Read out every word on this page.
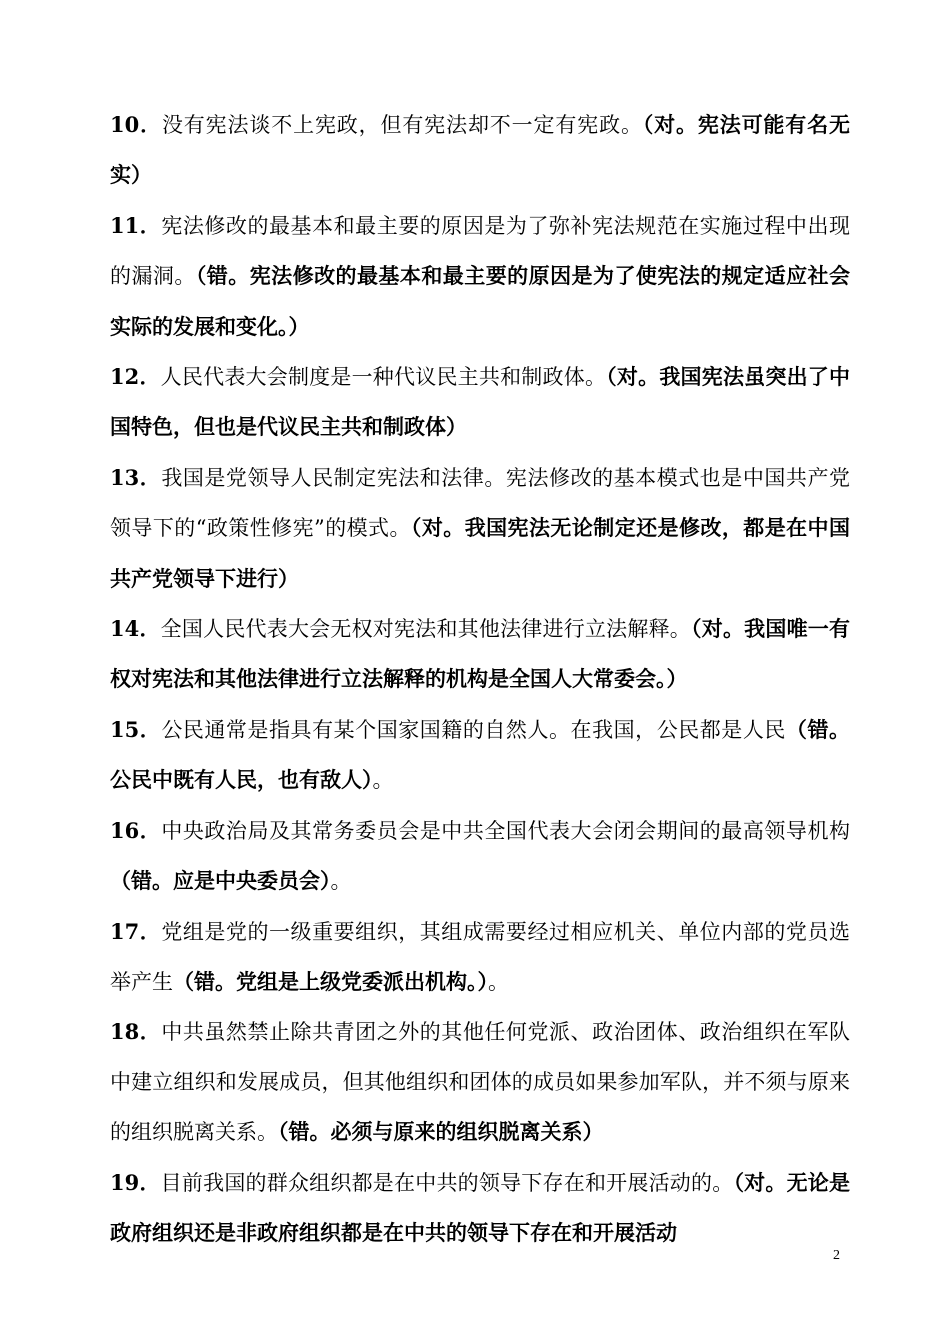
10．没有宪法谈不上宪政，但有宪法却不一定有宪政。（对。宪法可能有名无实）

11．宪法修改的最基本和最主要的原因是为了弥补宪法规范在实施过程中出现的漏洞。（错。宪法修改的最基本和最主要的原因是为了使宪法的规定适应社会实际的发展和变化。）

12．人民代表大会制度是一种代议民主共和制政体。（对。我国宪法虽突出了中国特色，但也是代议民主共和制政体）

13．我国是党领导人民制定宪法和法律。宪法修改的基本模式也是中国共产党领导下的“政策性修宪”的模式。（对。我国宪法无论制定还是修改，都是在中国共产党领导下进行）

14．全国人民代表大会无权对宪法和其他法律进行立法解释。（对。我国唯一有权对宪法和其他法律进行立法解释的机构是全国人大常委会。）

15．公民通常是指具有某个国家国籍的自然人。在我国，公民都是人民（错。公民中既有人民，也有敌人）。

16．中央政治局及其常务委员会是中共全国代表大会闭会期间的最高领导机构（错。应是中央委员会）。

17．党组是党的一级重要组织，其组成需要经过相应机关、单位内部的党员选举产生（错。党组是上级党委派出机构。）。

18．中共虽然禁止除共青团之外的其他任何党派、政治团体、政治组织在军队中建立组织和发展成员，但其他组织和团体的成员如果参加军队，并不须与原来的组织脱离关系。（错。必须与原来的组织脱离关系）

19．目前我国的群众组织都是在中共的领导下存在和开展活动的。（对。无论是政府组织还是非政府组织都是在中共的领导下存在和开展活动

2
